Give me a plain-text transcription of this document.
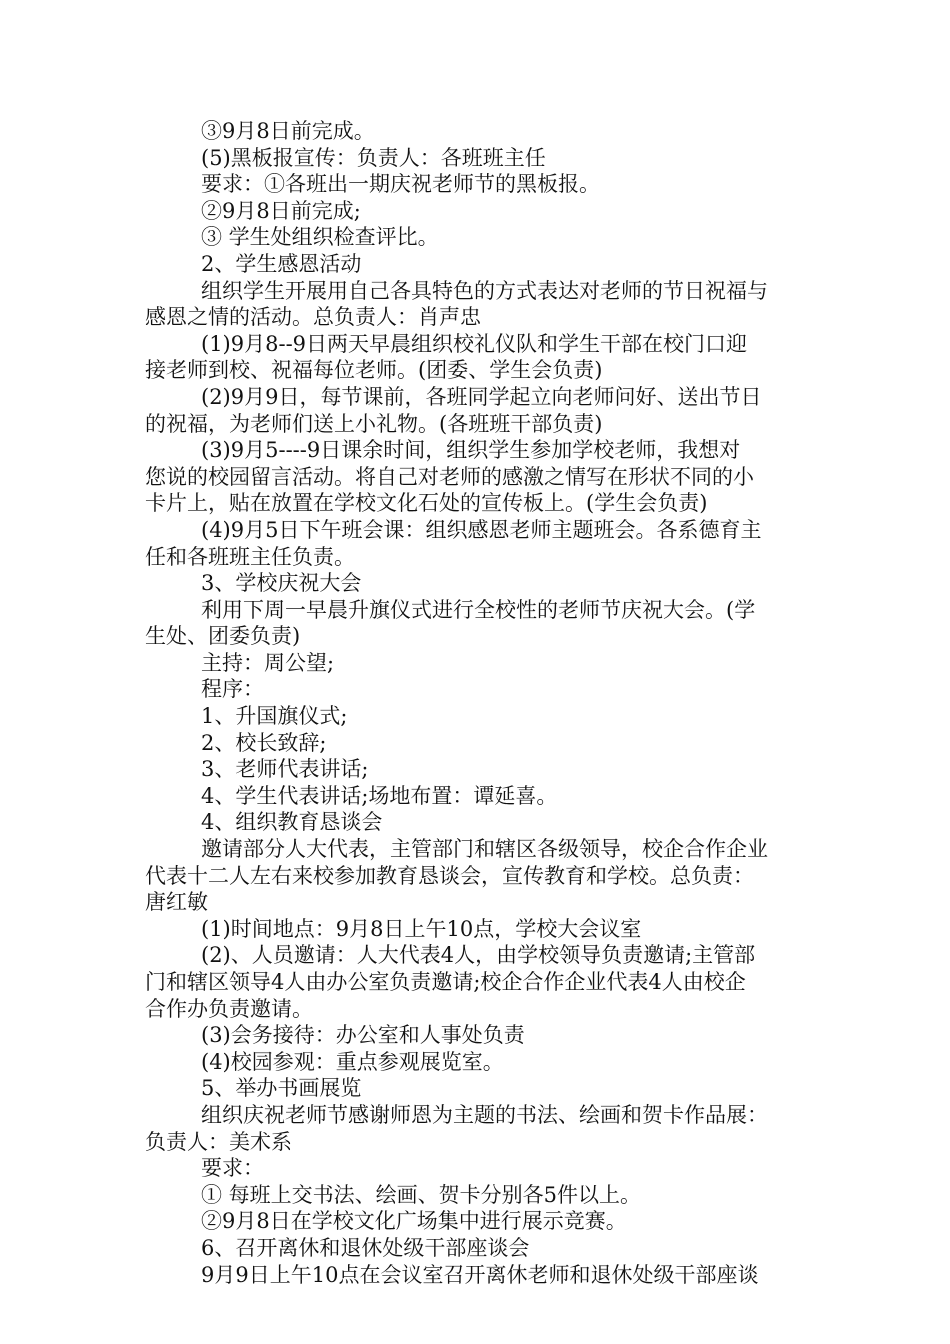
③9月8日前完成。
(5)黑板报宣传：负责人：各班班主任
要求：①各班出一期庆祝老师节的黑板报。
②9月8日前完成;
③ 学生处组织检查评比。
2、学生感恩活动
组织学生开展用自己各具特色的方式表达对老师的节日祝福与
感恩之情的活动。总负责人：肖声忠
(1)9月8--9日两天早晨组织校礼仪队和学生干部在校门口迎
接老师到校、祝福每位老师。(团委、学生会负责)
(2)9月9日，每节课前，各班同学起立向老师问好、送出节日
的祝福，为老师们送上小礼物。(各班班干部负责)
(3)9月5----9日课余时间，组织学生参加学校老师，我想对
您说的校园留言活动。将自己对老师的感激之情写在形状不同的小
卡片上，贴在放置在学校文化石处的宣传板上。(学生会负责)
(4)9月5日下午班会课：组织感恩老师主题班会。各系德育主
任和各班班主任负责。
3、学校庆祝大会
利用下周一早晨升旗仪式进行全校性的老师节庆祝大会。(学
生处、团委负责)
主持：周公望;
程序：
1、升国旗仪式;
2、校长致辞;
3、老师代表讲话;
4、学生代表讲话;场地布置：谭延喜。
4、组织教育恳谈会
邀请部分人大代表，主管部门和辖区各级领导，校企合作企业
代表十二人左右来校参加教育恳谈会，宣传教育和学校。总负责：
唐红敏
(1)时间地点：9月8日上午10点，学校大会议室
(2)、人员邀请：人大代表4人，由学校领导负责邀请;主管部
门和辖区领导4人由办公室负责邀请;校企合作企业代表4人由校企
合作办负责邀请。
(3)会务接待：办公室和人事处负责
(4)校园参观：重点参观展览室。
5、举办书画展览
组织庆祝老师节感谢师恩为主题的书法、绘画和贺卡作品展：
负责人：美术系
要求：
① 每班上交书法、绘画、贺卡分别各5件以上。
②9月8日在学校文化广场集中进行展示竞赛。
6、召开离休和退休处级干部座谈会
9月9日上午10点在会议室召开离休老师和退休处级干部座谈
